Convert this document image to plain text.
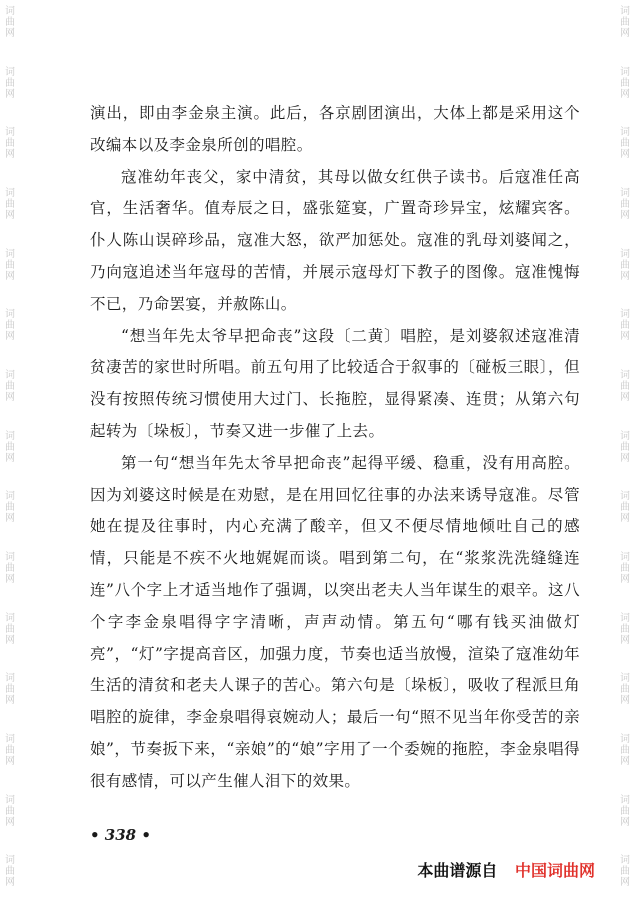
词
曲
网
词
曲
网
词
曲
网
词
曲
网
词
曲
网
词
曲
网
词
曲
网
词
曲
网
词
曲
网
词
曲
网
词
曲
网
词
曲
网
词
曲
网
词
曲
网
词
曲
网
词
曲
网
词
曲
网
词
曲
网
词
曲
网
词
曲
网
词
曲
网
词
曲
网
词
曲
网
词
曲
网
词
曲
网
词
曲
网
词
曲
网
词
曲
网
词
曲
网
词
曲
网

演出，即由李金泉主演。此后，各京剧团演出，大体上都是采用这个改编本以及李金泉所创的唱腔。

寇准幼年丧父，家中清贫，其母以做女红供子读书。后寇准任高官，生活奢华。值寿辰之日，盛张筵宴，广置奇珍异宝，炫耀宾客。仆人陈山误碎珍品，寇准大怒，欲严加惩处。寇准的乳母刘婆闻之，乃向寇追述当年寇母的苦情，并展示寇母灯下教子的图像。寇准愧悔不已，乃命罢宴，并赦陈山。

“想当年先太爷早把命丧”这段〔二黄〕唱腔，是刘婆叙述寇准清贫凄苦的家世时所唱。前五句用了比较适合于叙事的〔碰板三眼〕，但没有按照传统习惯使用大过门、长拖腔，显得紧凑、连贯；从第六句起转为〔垛板〕，节奏又进一步催了上去。

第一句“想当年先太爷早把命丧”起得平缓、稳重，没有用高腔。因为刘婆这时候是在劝慰，是在用回忆往事的办法来诱导寇准。尽管她在提及往事时，内心充满了酸辛，但又不便尽情地倾吐自己的感情，只能是不疾不火地娓娓而谈。唱到第二句，在“浆浆洗洗缝缝连连”八个字上才适当地作了强调，以突出老夫人当年谋生的艰辛。这八个字李金泉唱得字字清晰，声声动情。第五句“哪有钱买油做灯亮”，“灯”字提高音区，加强力度，节奏也适当放慢，渲染了寇准幼年生活的清贫和老夫人课子的苦心。第六句是〔垛板〕，吸收了程派旦角唱腔的旋律，李金泉唱得哀婉动人；最后一句“照不见当年你受苦的亲娘”，节奏扳下来，“亲娘”的“娘”字用了一个委婉的拖腔，李金泉唱得很有感情，可以产生催人泪下的效果。

• 338 •
本曲谱源自 中国词曲网
